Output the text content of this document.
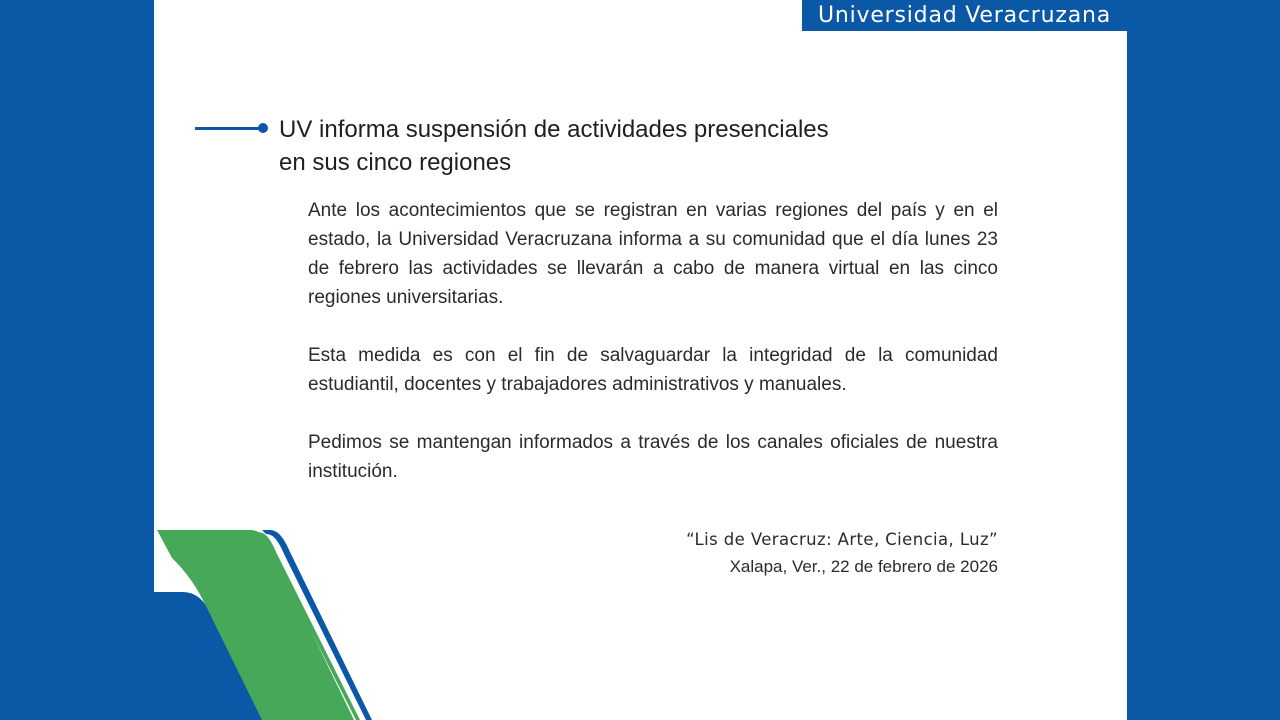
Universidad Veracruzana
UV informa suspensión de actividades presenciales
en sus cinco regiones

Ante los acontecimientos que se registran en varias regiones del país y en el estado, la Universidad Veracruzana informa a su comunidad que el día lunes 23 de febrero las actividades se llevarán a cabo de manera virtual en las cinco regiones universitarias.

Esta medida es con el fin de salvaguardar la integridad de la comunidad estudiantil, docentes y trabajadores administrativos y manuales.

Pedimos se mantengan informados a través de los canales oficiales de nuestra institución.

“Lis de Veracruz: Arte, Ciencia, Luz”
Xalapa, Ver., 22 de febrero de 2026
